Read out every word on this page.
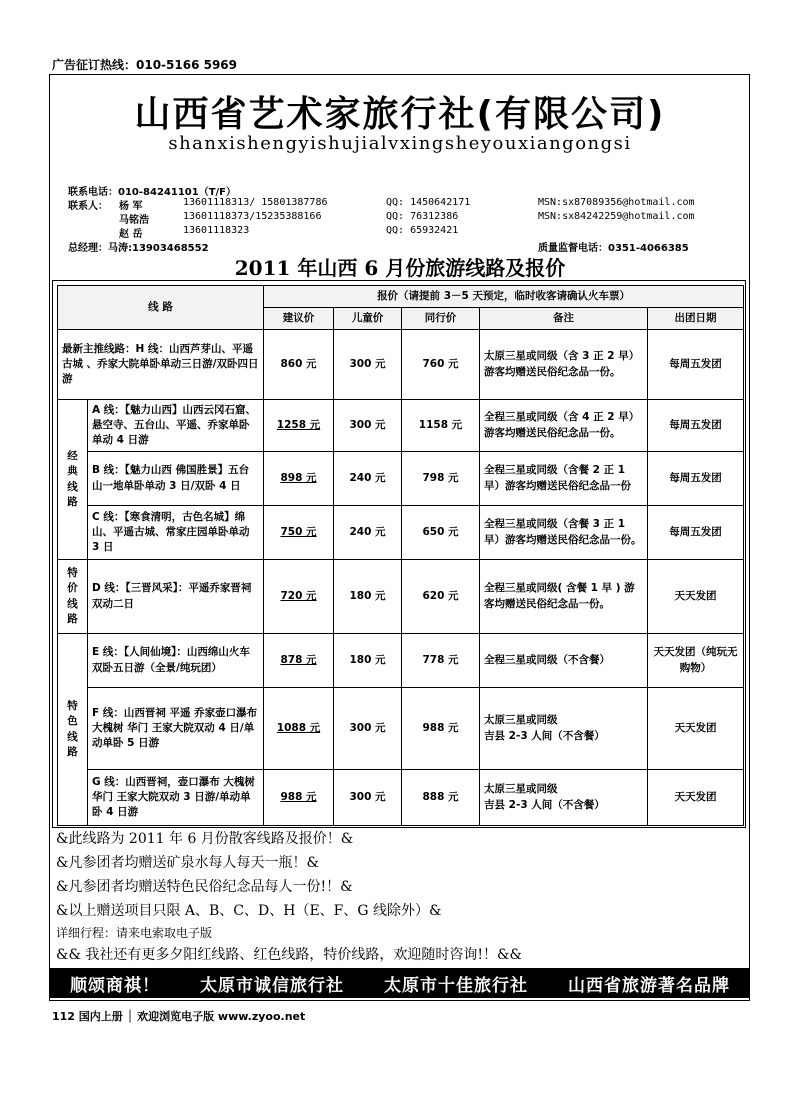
广告征订热线：010-5166 5969
山西省艺术家旅行社(有限公司)
shanxishengyishujialvxingsheyouxiangongsi
联系电话：010-84241101（T/F）
联系人： 杨 军	13601118313/ 15801387786	QQ: 1450642171	MSN:sx87089356@hotmail.com
马铭浩	13601118373/15235388166	QQ: 76312386	MSN:sx84242259@hotmail.com
赵 岳	13601118323	QQ: 65932421
总经理：马涛:13903468552	质量监督电话：0351-4066385
2011 年山西 6 月份旅游线路及报价
线 路		报价（请提前 3－5 天预定，临时收客请确认火车票）				
		建议价	儿童价	同行价	备注	出团日期
最新主推线路：H 线：山西芦芽山、平遥古城 、乔家大院单卧单动三日游/双卧四日游		860 元	300 元	760 元	太原三星或同级（含 3 正 2 早）游客均赠送民俗纪念品一份。	每周五发团
经
典
线
路	A 线：【魅力山西】山西云冈石窟、悬空寺、五台山、平遥、乔家单卧单动 4 日游	1258 元	300 元	1158 元	全程三星或同级（含 4 正 2 早）游客均赠送民俗纪念品一份。	每周五发团
	B 线：【魅力山西 佛国胜景】五台山一地单卧单动 3 日/双卧 4 日	898 元	240 元	798 元	全程三星或同级（含餐 2 正 1 早）游客均赠送民俗纪念品一份	每周五发团
	C 线：【寒食清明，古色名城】绵山、平遥古城、常家庄园单卧单动 3 日	750 元	240 元	650 元	全程三星或同级（含餐 3 正 1 早）游客均赠送民俗纪念品一份。	每周五发团
特
价
线
路	D 线：【三晋风采】：平遥乔家晋祠双动二日	720 元	180 元	620 元	全程三星或同级( 含餐 1 早 ) 游客均赠送民俗纪念品一份。	天天发团
特
色
线
路	E 线：【人间仙境】：山西绵山火车双卧五日游（全景/纯玩团）	878 元	180 元	778 元	全程三星或同级（不含餐）	天天发团（纯玩无购物）
	F 线：山西晋祠 平遥 乔家壶口瀑布 大槐树 华门 王家大院双动 4 日/单动单卧 5 日游	1088 元	300 元	988 元	太原三星或同级
吉县 2-3 人间（不含餐）	天天发团
	G 线：山西晋祠，壶口瀑布 大槐树 华门 王家大院双动 3 日游/单动单卧 4 日游	988 元	300 元	888 元	太原三星或同级
吉县 2-3 人间（不含餐）	天天发团
&此线路为 2011 年 6 月份散客线路及报价！&
&凡参团者均赠送矿泉水每人每天一瓶！&
&凡参团者均赠送特色民俗纪念品每人一份!！&
&以上赠送项目只限 A、B、C、D、H（E、F、G 线除外）&
详细行程：请来电索取电子版
&& 我社还有更多夕阳红线路、红色线路，特价线路，欢迎随时咨询!！&&
顺颂商祺！ 太原市诚信旅行社 太原市十佳旅行社 山西省旅游著名品牌
112 国内上册 │ 欢迎浏览电子版 www.zyoo.net
